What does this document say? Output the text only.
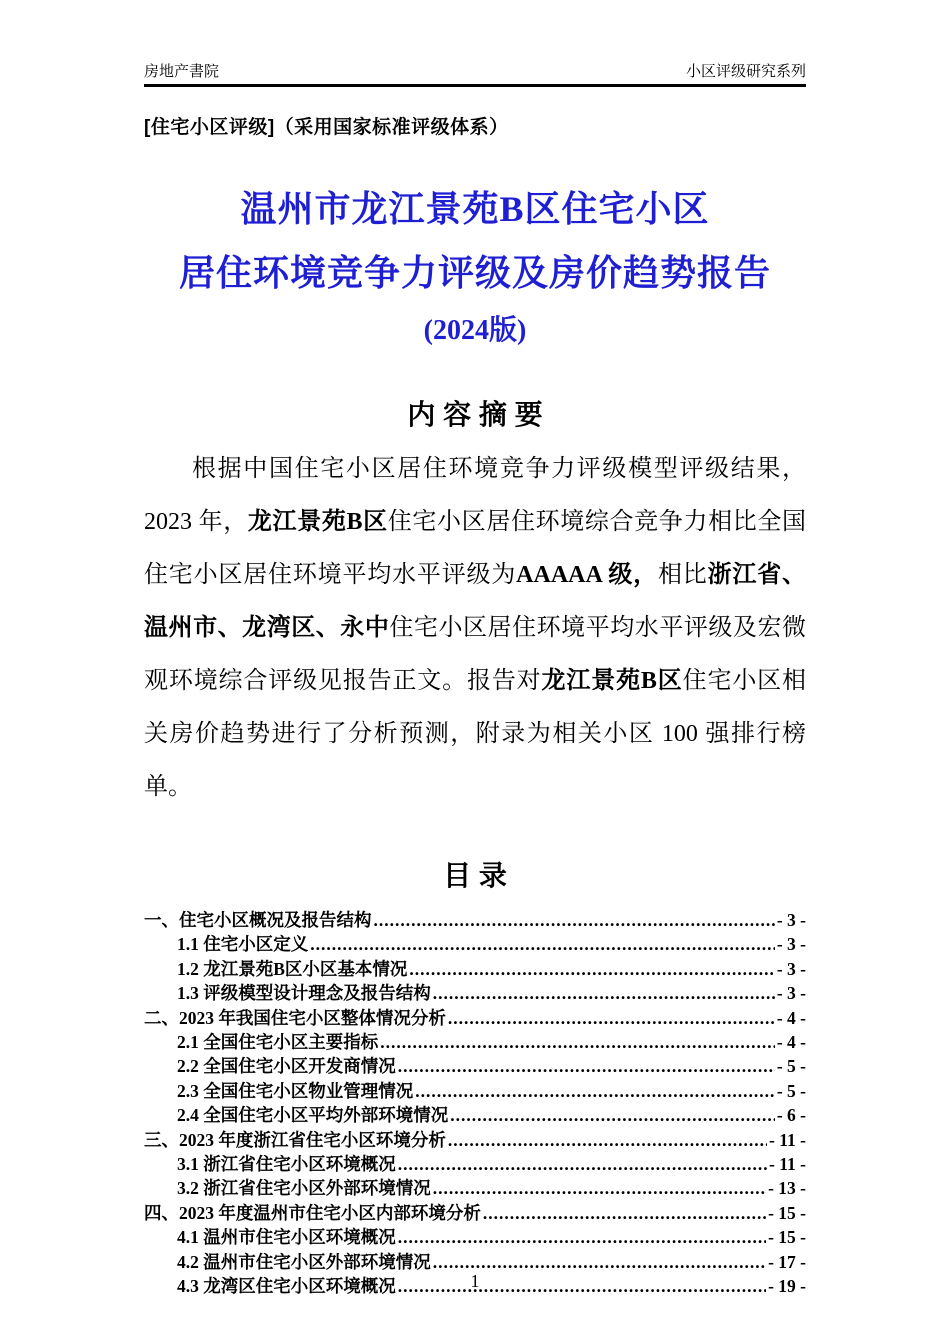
房地产書院	小区评级研究系列
[住宅小区评级]（采用国家标准评级体系）
温州市龙江景苑B区住宅小区
居住环境竞争力评级及房价趋势报告
(2024版)
内 容 摘 要
根据中国住宅小区居住环境竞争力评级模型评级结果，2023 年，龙江景苑B区住宅小区居住环境综合竞争力相比全国住宅小区居住环境平均水平评级为AAAAA 级，相比浙江省、温州市、龙湾区、永中住宅小区居住环境平均水平评级及宏微观环境综合评级见报告正文。报告对龙江景苑B区住宅小区相关房价趋势进行了分析预测，附录为相关小区 100 强排行榜单。
目 录
一、住宅小区概况及报告结构 .....	- 3 -
1.1 住宅小区定义 .....	- 3 -
1.2 龙江景苑B区小区基本情况 .....	- 3 -
1.3 评级模型设计理念及报告结构 .....	- 3 -
二、2023 年我国住宅小区整体情况分析 .....	- 4 -
2.1 全国住宅小区主要指标 .....	- 4 -
2.2 全国住宅小区开发商情况 .....	- 5 -
2.3 全国住宅小区物业管理情况 .....	- 5 -
2.4 全国住宅小区平均外部环境情况 .....	- 6 -
三、2023 年度浙江省住宅小区环境分析 .....	- 11 -
3.1 浙江省住宅小区环境概况 .....	- 11 -
3.2 浙江省住宅小区外部环境情况 .....	- 13 -
四、2023 年度温州市住宅小区内部环境分析 .....	- 15 -
4.1 温州市住宅小区环境概况 .....	- 15 -
4.2 温州市住宅小区外部环境情况 .....	- 17 -
4.3 龙湾区住宅小区环境概况 .....	- 19 -
1
